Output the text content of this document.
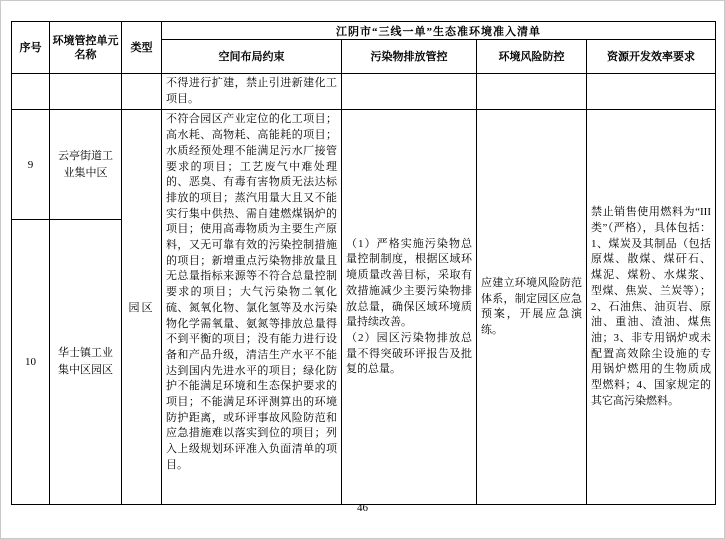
序号	环境管控单元名称	类型	江阴市“三线一单”生态准环境准入清单			
			空间布局约束	污染物排放管控	环境风险防控	资源开发效率要求
			不得进行扩建，禁止引进新建化工项目。			
9	云亭街道工业集中区	园区	不符合园区产业定位的化工项目；高水耗、高物耗、高能耗的项目；水质经预处理不能满足污水厂接管要求的项目；工艺废气中难处理的、恶臭、有毒有害物质无法达标排放的项目；蒸汽用量大且又不能实行集中供热、需自建燃煤锅炉的项目；使用高毒物质为主要生产原料，又无可靠有效的污染控制措施的项目；新增重点污染物排放量且无总量指标来源等不符合总量控制要求的项目；大气污染物二氧化硫、氮氧化物、氯化氢等及水污染物化学需氧量、氨氮等排放总量得不到平衡的项目；没有能力进行设备和产品升级，清洁生产水平不能达到国内先进水平的项目；绿化防护不能满足环境和生态保护要求的项目；不能满足环评测算出的环境防护距离，或环评事故风险防范和应急措施难以落实到位的项目；列入上级规划环评准入负面清单的项目。	（1）严格实施污染物总量控制制度，根据区域环境质量改善目标，采取有效措施减少主要污染物排放总量，确保区域环境质量持续改善。
（2）园区污染物排放总量不得突破环评报告及批复的总量。	应建立环境风险防范体系，制定园区应急预案，开展应急演练。	禁止销售使用燃料为“III类”（严格），具体包括：1、煤炭及其制品（包括原煤、散煤、煤矸石、煤泥、煤粉、水煤浆、型煤、焦炭、兰炭等）；2、石油焦、油页岩、原油、重油、渣油、煤焦油；3、非专用锅炉或未配置高效除尘设施的专用锅炉燃用的生物质成型燃料；4、国家规定的其它高污染燃料。
10	华士镇工业集中区园区					
46
